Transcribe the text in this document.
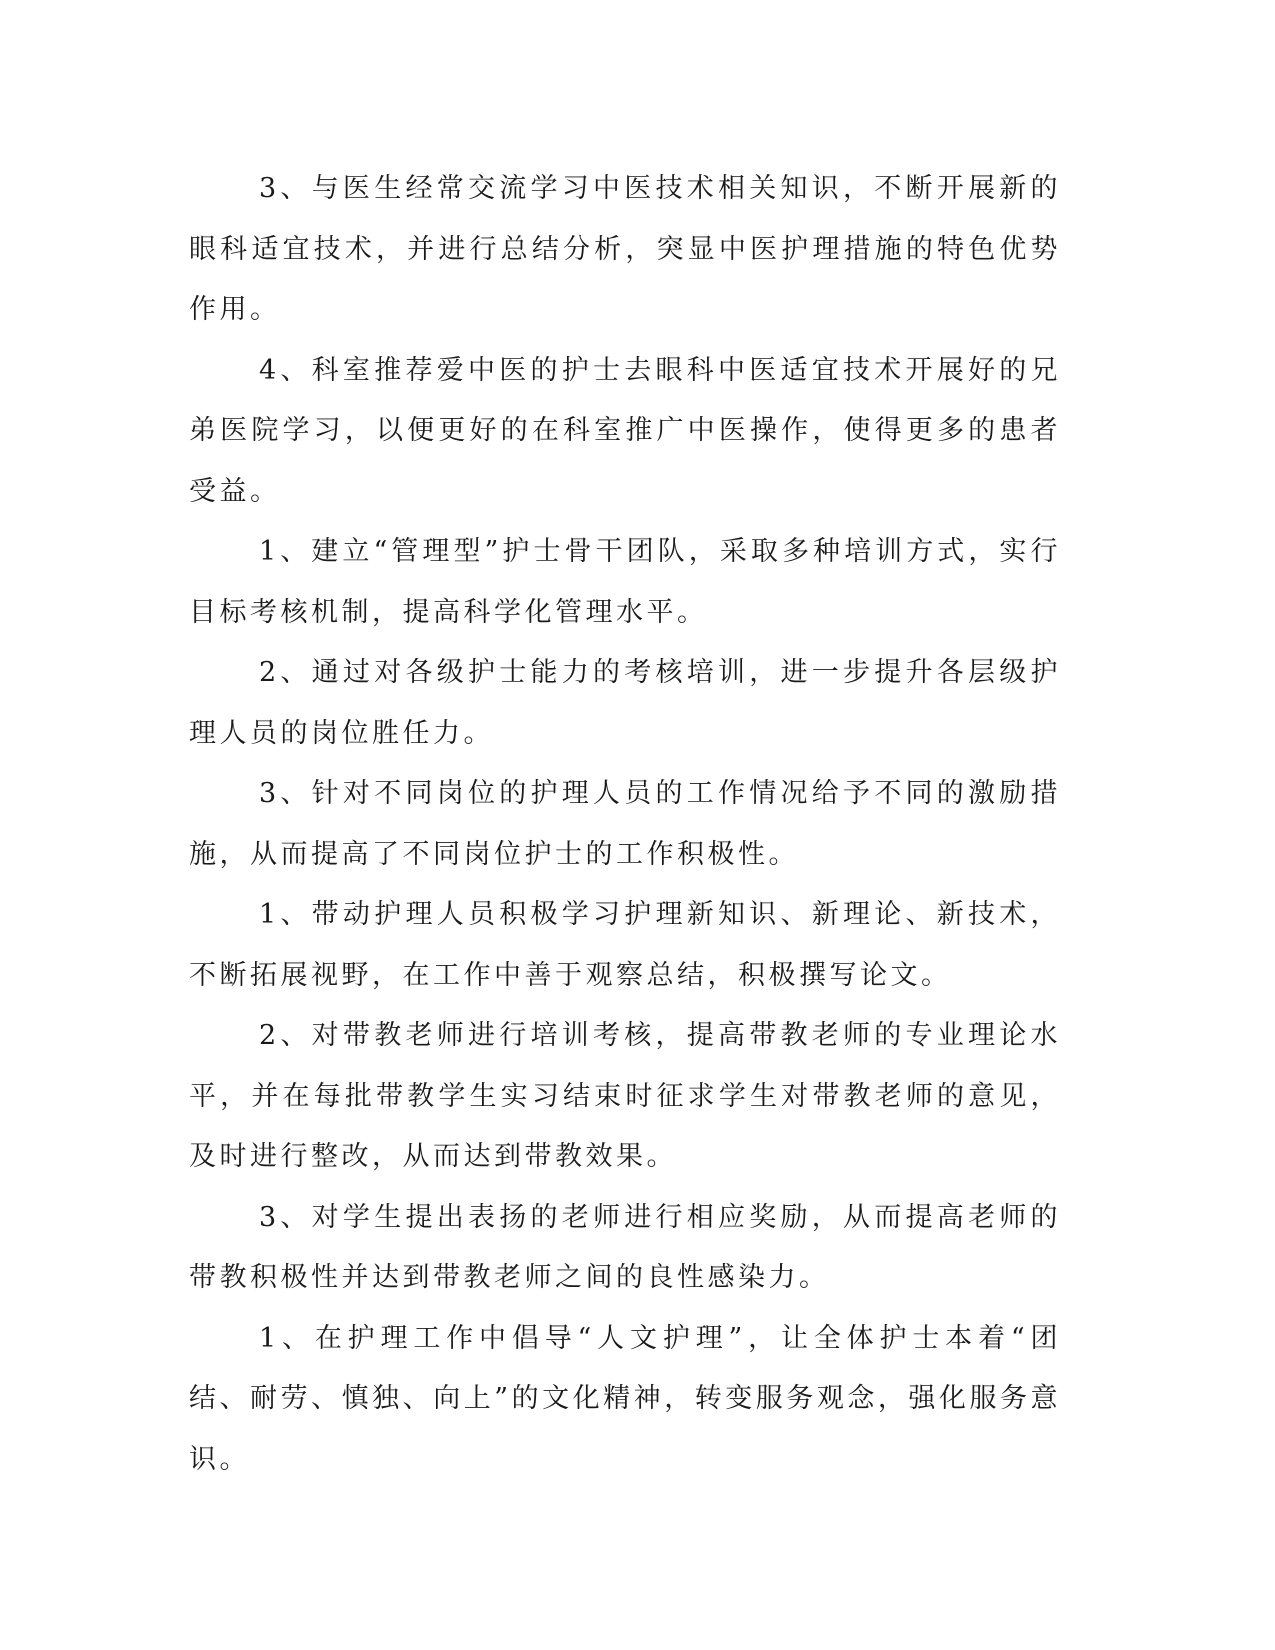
3、与医生经常交流学习中医技术相关知识，不断开展新的眼科适宜技术，并进行总结分析，突显中医护理措施的特色优势作用。

4、科室推荐爱中医的护士去眼科中医适宜技术开展好的兄弟医院学习，以便更好的在科室推广中医操作，使得更多的患者受益。

1、建立“管理型”护士骨干团队，采取多种培训方式，实行目标考核机制，提高科学化管理水平。

2、通过对各级护士能力的考核培训，进一步提升各层级护理人员的岗位胜任力。

3、针对不同岗位的护理人员的工作情况给予不同的激励措施，从而提高了不同岗位护士的工作积极性。

1、带动护理人员积极学习护理新知识、新理论、新技术，不断拓展视野，在工作中善于观察总结，积极撰写论文。

2、对带教老师进行培训考核，提高带教老师的专业理论水平，并在每批带教学生实习结束时征求学生对带教老师的意见，及时进行整改，从而达到带教效果。

3、对学生提出表扬的老师进行相应奖励，从而提高老师的带教积极性并达到带教老师之间的良性感染力。

1、在护理工作中倡导“人文护理”，让全体护士本着“团结、耐劳、慎独、向上”的文化精神，转变服务观念，强化服务意识。
